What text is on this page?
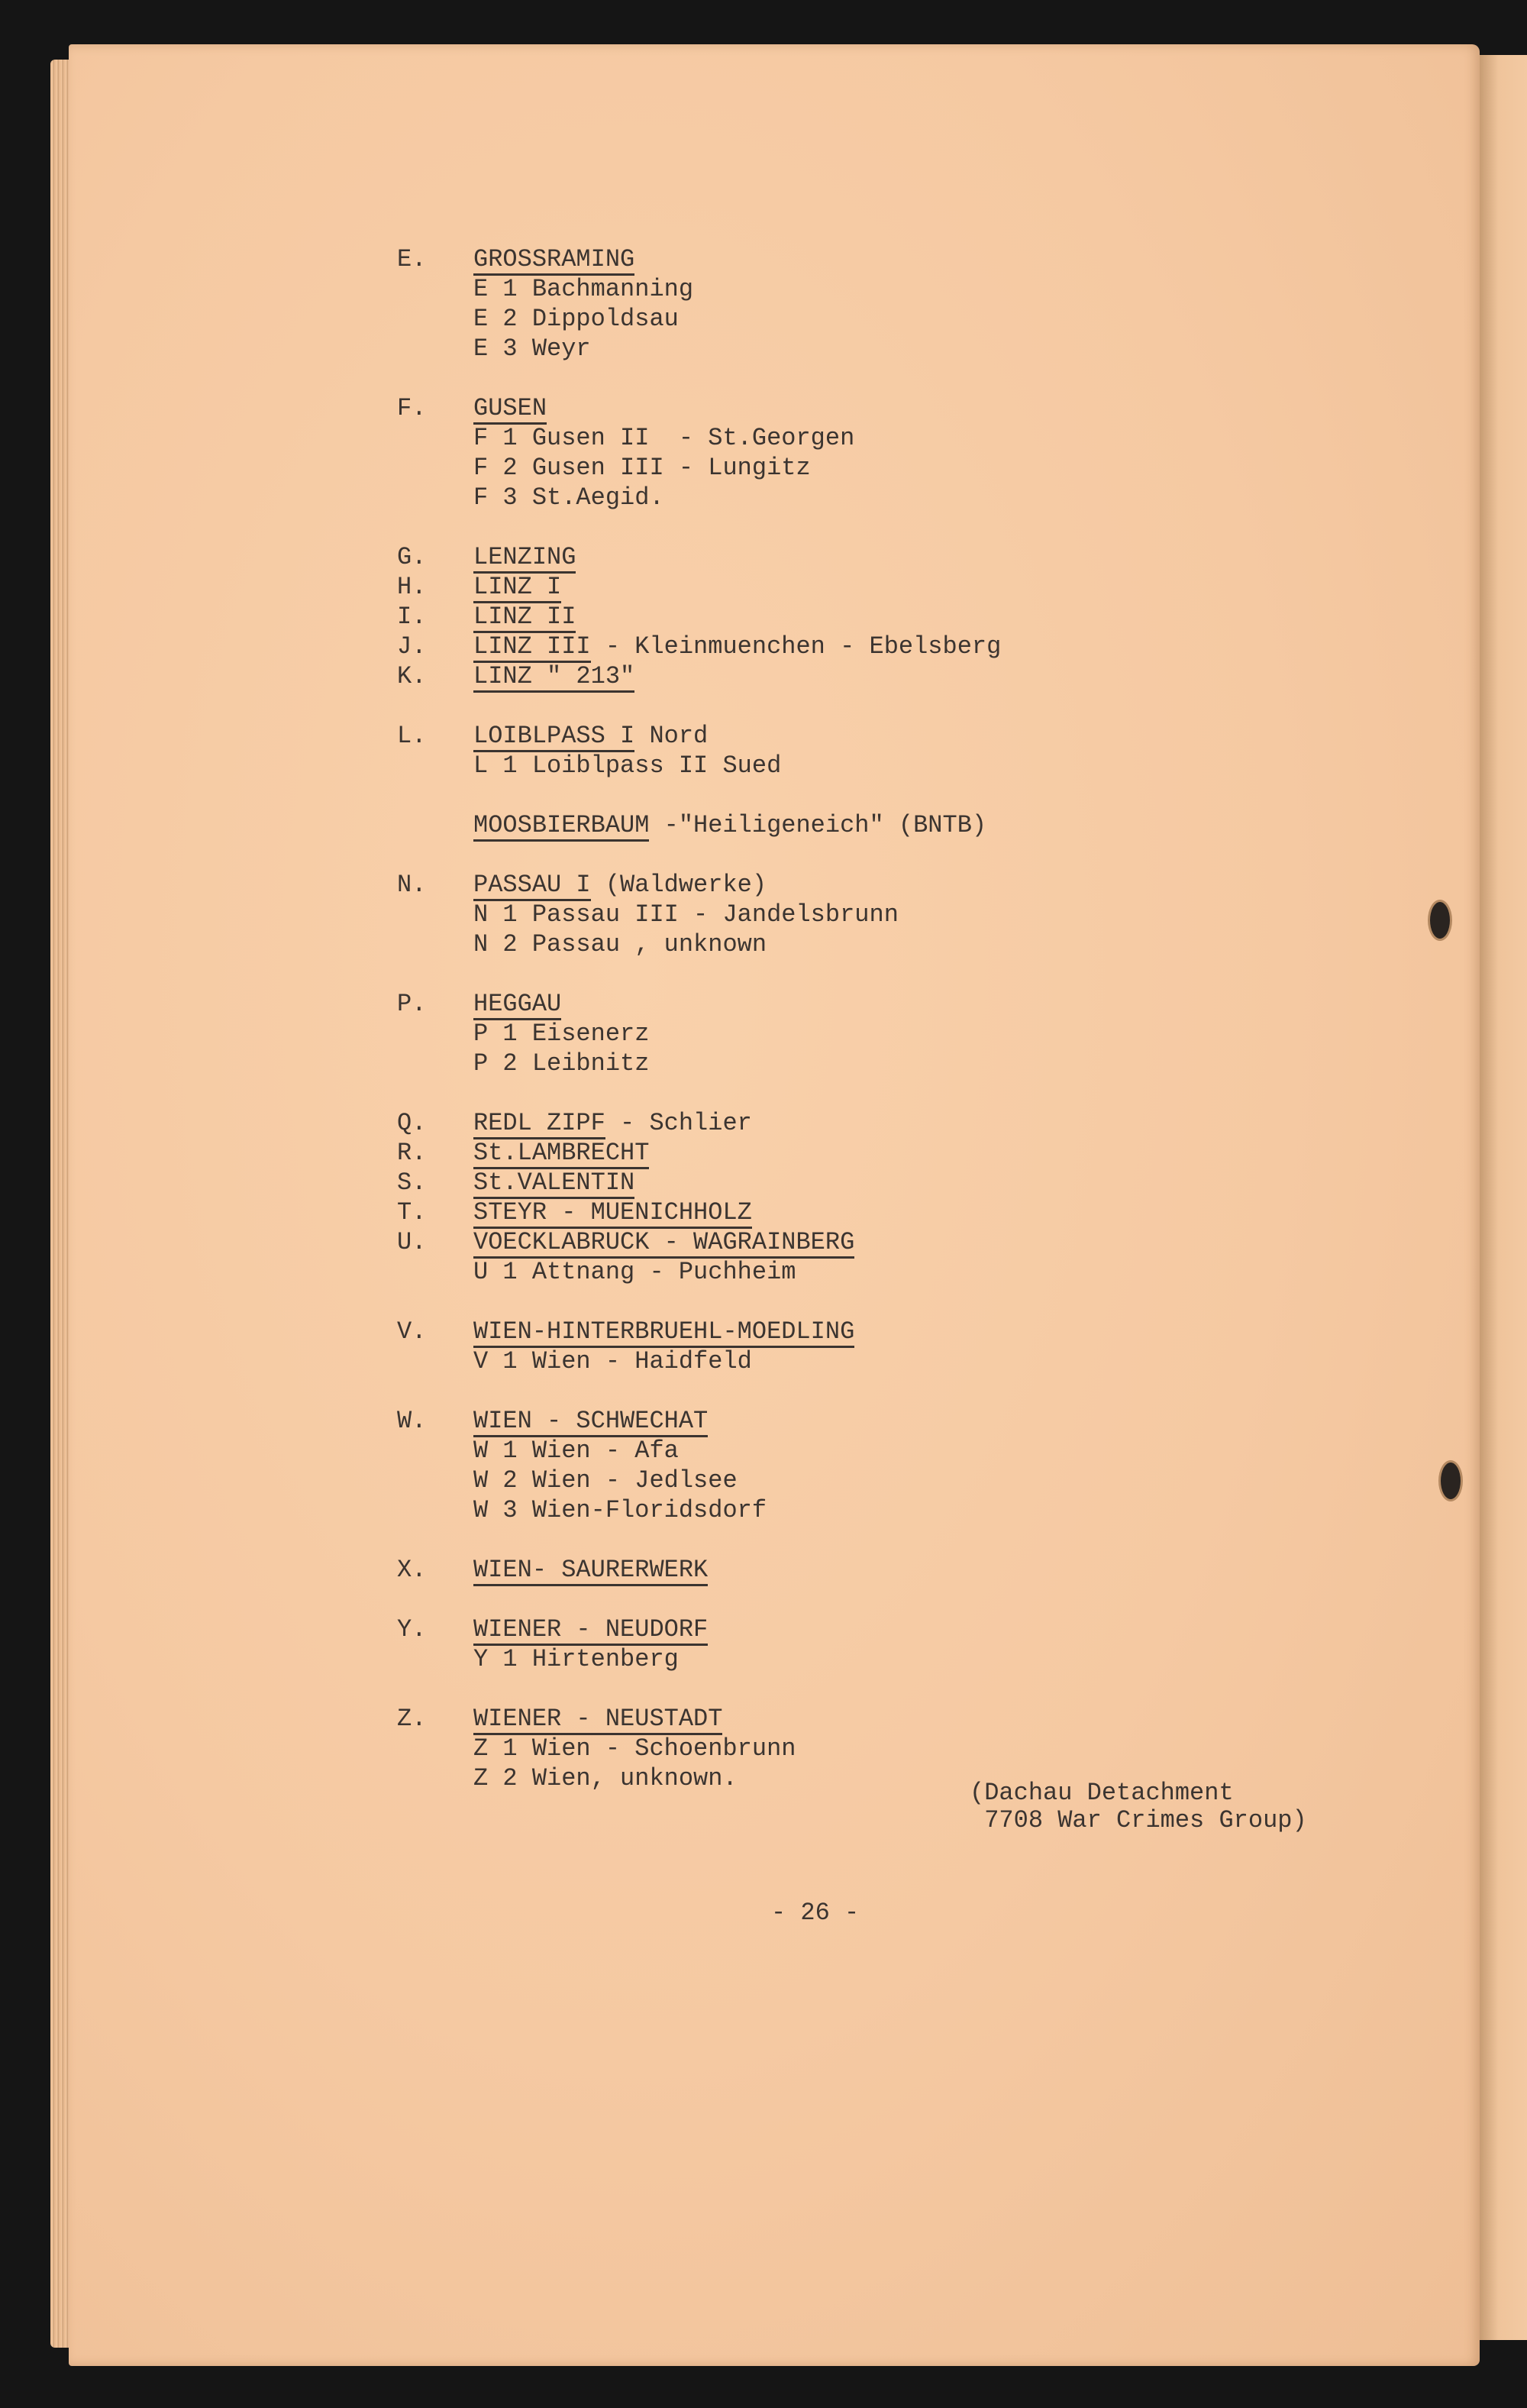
E.	GROSSRAMING
E 1 Bachmanning
E 2 Dippoldsau
E 3 Weyr
F.	GUSEN
F 1 Gusen II  - St.Georgen
F 2 Gusen III - Lungitz
F 3 St.Aegid.
G.	LENZING
H.	LINZ I
I.	LINZ II
J.	LINZ III - Kleinmuenchen - Ebelsberg
K.	LINZ " 213"
L.	LOIBLPASS I Nord
L 1 Loiblpass II Sued
MOOSBIERBAUM -"Heiligeneich" (BNTB)
N.	PASSAU I (Waldwerke)
N 1 Passau III - Jandelsbrunn
N 2 Passau , unknown
P.	HEGGAU
P 1 Eisenerz
P 2 Leibnitz
Q.	REDL ZIPF - Schlier
R.	St.LAMBRECHT
S.	St.VALENTIN
T.	STEYR - MUENICHHOLZ
U.	VOECKLABRUCK - WAGRAINBERG
U 1 Attnang - Puchheim
V.	WIEN-HINTERBRUEHL-MOEDLING
V 1 Wien - Haidfeld
W.	WIEN - SCHWECHAT
W 1 Wien - Afa
W 2 Wien - Jedlsee
W 3 Wien-Floridsdorf
X.	WIEN- SAURERWERK
Y.	WIENER - NEUDORF
Y 1 Hirtenberg
Z.	WIENER - NEUSTADT
Z 1 Wien - Schoenbrunn
Z 2 Wien, unknown.
(Dachau Detachment
7708 War Crimes Group)
- 26 -
